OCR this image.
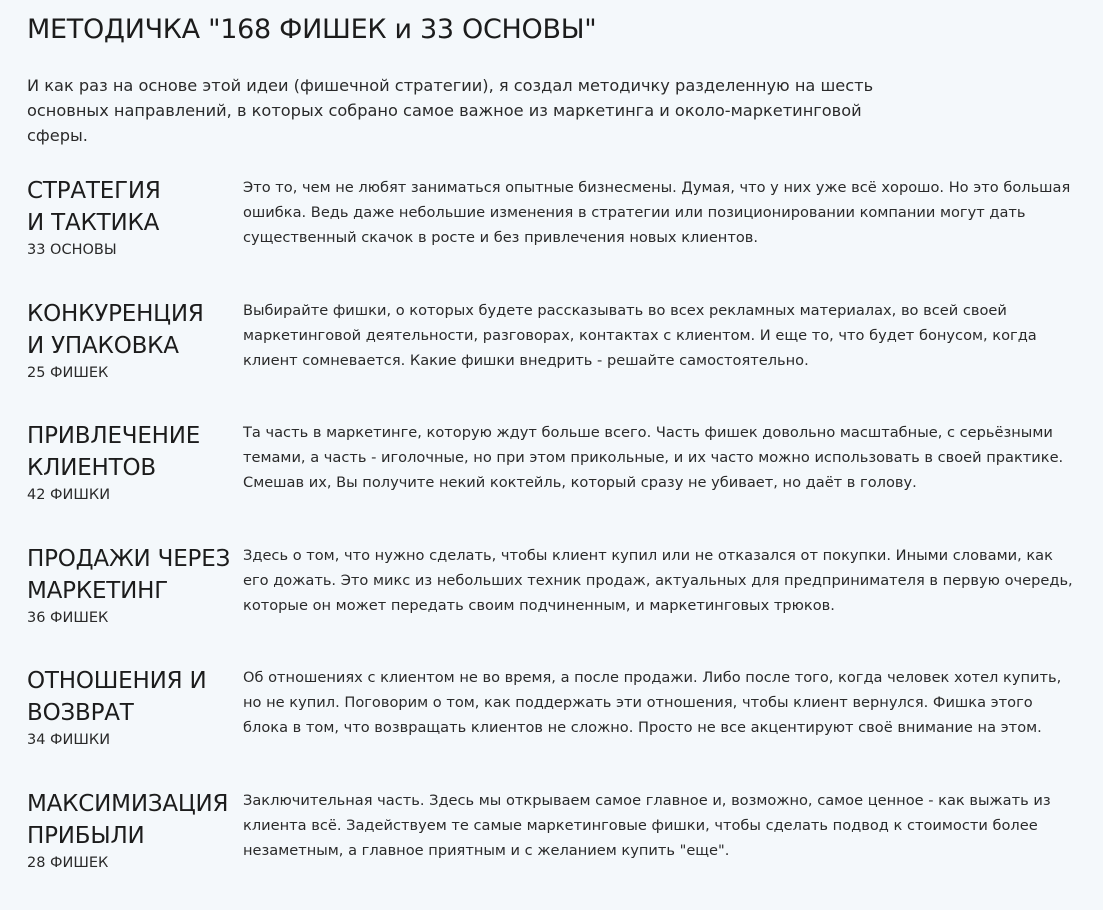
МЕТОДИЧКА "168 ФИШЕК и 33 ОСНОВЫ"

И как раз на основе этой идеи (фишечной стратегии), я создал методичку разделенную на шесть основных направлений, в которых собрано самое важное из маркетинга и около-маркетинговой сферы.

СТРАТЕГИЯ
И ТАКТИКА
33 ОСНОВЫ

Это то, чем не любят заниматься опытные бизнесмены. Думая, что у них уже всё хорошо. Но это большая ошибка. Ведь даже небольшие изменения в стратегии или позиционировании компании могут дать существенный скачок в росте и без привлечения новых клиентов.

КОНКУРЕНЦИЯ
И УПАКОВКА
25 ФИШЕК

Выбирайте фишки, о которых будете рассказывать во всех рекламных материалах, во всей своей маркетинговой деятельности, разговорах, контактах с клиентом. И еще то, что будет бонусом, когда клиент сомневается. Какие фишки внедрить - решайте самостоятельно.

ПРИВЛЕЧЕНИЕ
КЛИЕНТОВ
42 ФИШКИ

Та часть в маркетинге, которую ждут больше всего. Часть фишек довольно масштабные, с серьёзными темами, а часть - иголочные, но при этом прикольные, и их часто можно использовать в своей практике. Смешав их, Вы получите некий коктейль, который сразу не убивает, но даёт в голову.

ПРОДАЖИ ЧЕРЕЗ
МАРКЕТИНГ
36 ФИШЕК

Здесь о том, что нужно сделать, чтобы клиент купил или не отказался от покупки. Иными словами, как его дожать. Это микс из небольших техник продаж, актуальных для предпринимателя в первую очередь, которые он может передать своим подчиненным, и маркетинговых трюков.

ОТНОШЕНИЯ И
ВОЗВРАТ
34 ФИШКИ

Об отношениях с клиентом не во время, а после продажи. Либо после того, когда человек хотел купить, но не купил. Поговорим о том, как поддержать эти отношения, чтобы клиент вернулся. Фишка этого блока в том, что возвращать клиентов не сложно. Просто не все акцентируют своё внимание на этом.

МАКСИМИЗАЦИЯ
ПРИБЫЛИ
28 ФИШЕК

Заключительная часть. Здесь мы открываем самое главное и, возможно, самое ценное - как выжать из клиента всё. Задействуем те самые маркетинговые фишки, чтобы сделать подвод к стоимости более незаметным, а главное приятным и с желанием купить "еще".
